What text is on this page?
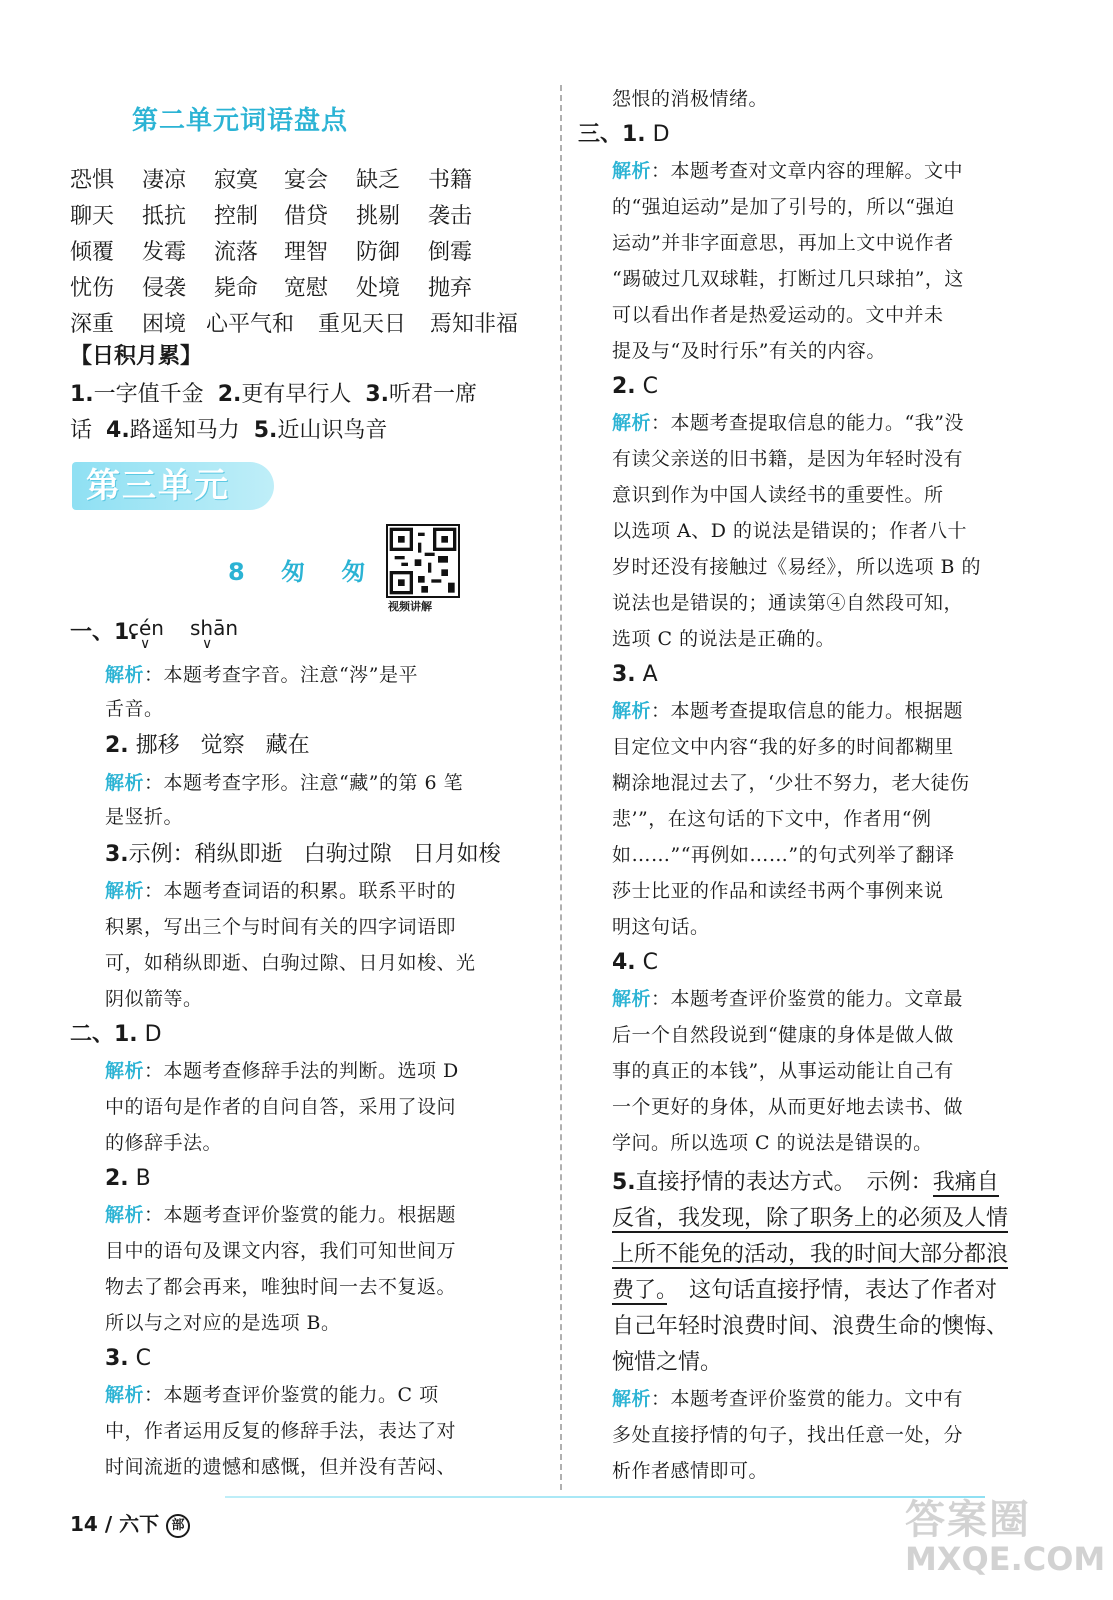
第二单元词语盘点
恐惧 凄凉 寂寞 宴会 缺乏 书籍
聊天 抵抗 控制 借贷 挑剔 袭击
倾覆 发霉 流落 理智 防御 倒霉
忧伤 侵袭 毙命 宽慰 处境 抛弃
深重 困境 心平气和 重见天日 焉知非福
【日积月累】
1.一字值千金 2.更有早行人 3.听君一席
话 4.路遥知马力 5.近山识鸟音
第三单元
8 匆 匆
视频讲解
一、1.
cén shān
∨	∨
解析：本题考查字音。注意“涔”是平
舌音。
2. 挪移 觉察 藏在
解析：本题考查字形。注意“藏”的第 6 笔
是竖折。
3.示例：稍纵即逝 白驹过隙 日月如梭
解析：本题考查词语的积累。联系平时的
积累，写出三个与时间有关的四字词语即
可，如稍纵即逝、白驹过隙、日月如梭、光
阴似箭等。
二、1. D
解析：本题考查修辞手法的判断。选项 D
中的语句是作者的自问自答，采用了设问
的修辞手法。
2. B
解析：本题考查评价鉴赏的能力。根据题
目中的语句及课文内容，我们可知世间万
物去了都会再来，唯独时间一去不复返。
所以与之对应的是选项 B。
3. C
解析：本题考查评价鉴赏的能力。C 项
中，作者运用反复的修辞手法，表达了对
时间流逝的遗憾和感慨，但并没有苦闷、
怨恨的消极情绪。
三、1. D
解析：本题考查对文章内容的理解。文中
的“强迫运动”是加了引号的，所以“强迫
运动”并非字面意思，再加上文中说作者
“踢破过几双球鞋，打断过几只球拍”，这
可以看出作者是热爱运动的。文中并未
提及与“及时行乐”有关的内容。
2. C
解析：本题考查提取信息的能力。“我”没
有读父亲送的旧书籍，是因为年轻时没有
意识到作为中国人读经书的重要性。所
以选项 A、D 的说法是错误的；作者八十
岁时还没有接触过《易经》，所以选项 B 的
说法也是错误的；通读第④自然段可知，
选项 C 的说法是正确的。
3. A
解析：本题考查提取信息的能力。根据题
目定位文中内容“我的好多的时间都糊里
糊涂地混过去了，‘少壮不努力，老大徒伤
悲’”，在这句话的下文中，作者用“例
如……”“再例如……”的句式列举了翻译
莎士比亚的作品和读经书两个事例来说
明这句话。
4. C
解析：本题考查评价鉴赏的能力。文章最
后一个自然段说到“健康的身体是做人做
事的真正的本钱”，从事运动能让自己有
一个更好的身体，从而更好地去读书、做
学问。所以选项 C 的说法是错误的。
5.直接抒情的表达方式。　示例：我痛自
反省，我发现，除了职务上的必须及人情
上所不能免的活动，我的时间大部分都浪
费了。　这句话直接抒情，表达了作者对
自己年轻时浪费时间、浪费生命的懊悔、
惋惜之情。
解析：本题考查评价鉴赏的能力。文中有
多处直接抒情的句子，找出任意一处，分
析作者感情即可。
14 / 六下 部	答案圈
MXQE.COM
